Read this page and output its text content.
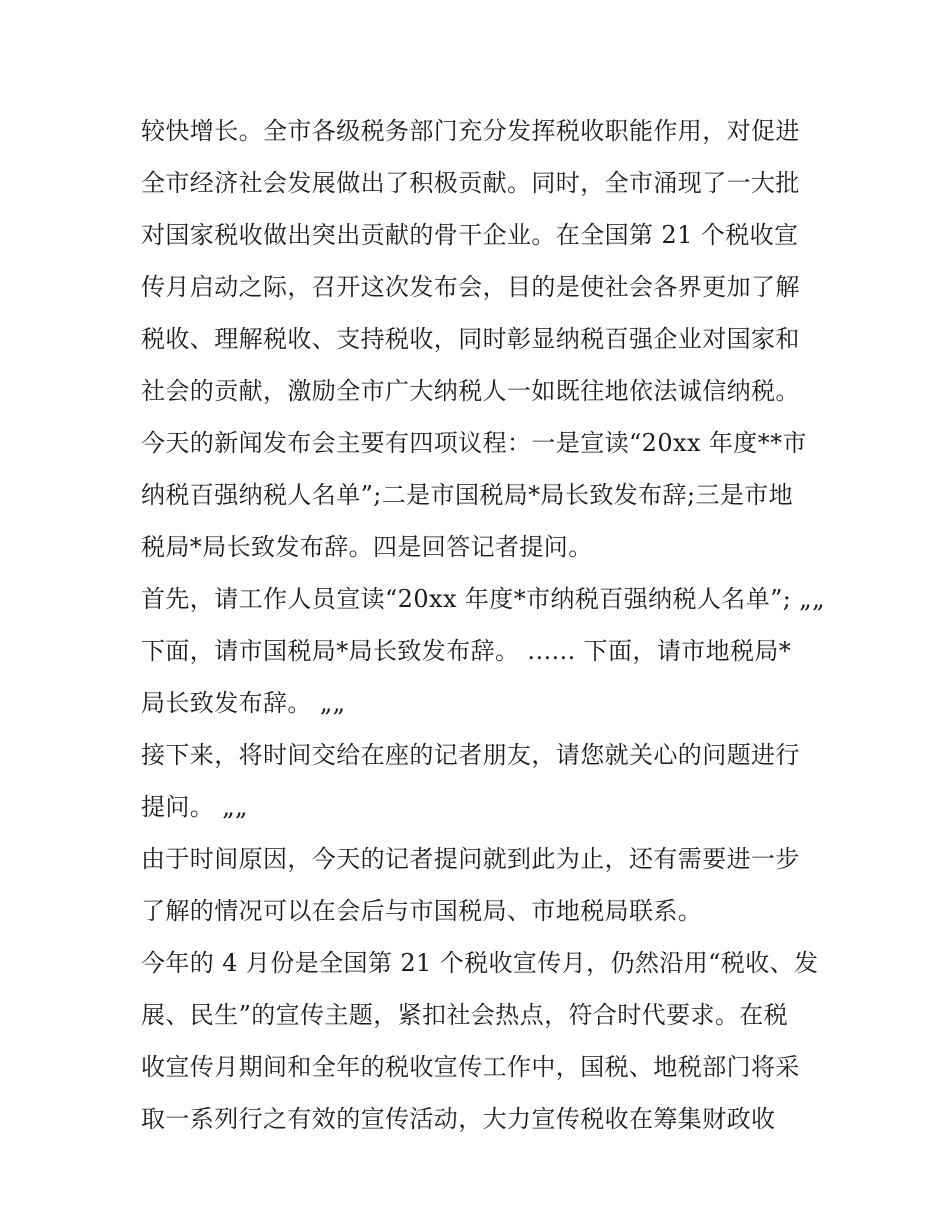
较快增长。全市各级税务部门充分发挥税收职能作用，对促进
全市经济社会发展做出了积极贡献。同时，全市涌现了一大批
对国家税收做出突出贡献的骨干企业。在全国第 21 个税收宣
传月启动之际，召开这次发布会，目的是使社会各界更加了解
税收、理解税收、支持税收，同时彰显纳税百强企业对国家和
社会的贡献，激励全市广大纳税人一如既往地依法诚信纳税。
今天的新闻发布会主要有四项议程：一是宣读“20xx 年度**市
纳税百强纳税人名单”;二是市国税局*局长致发布辞;三是市地
税局*局长致发布辞。四是回答记者提问。
首先，请工作人员宣读“20xx 年度*市纳税百强纳税人名单”; „„
下面，请市国税局*局长致发布辞。 ...... 下面，请市地税局*
局长致发布辞。 „„
接下来，将时间交给在座的记者朋友，请您就关心的问题进行
提问。 „„
由于时间原因，今天的记者提问就到此为止，还有需要进一步
了解的情况可以在会后与市国税局、市地税局联系。
今年的 4 月份是全国第 21 个税收宣传月，仍然沿用“税收、发
展、民生”的宣传主题，紧扣社会热点，符合时代要求。在税
收宣传月期间和全年的税收宣传工作中，国税、地税部门将采
取一系列行之有效的宣传活动，大力宣传税收在筹集财政收
